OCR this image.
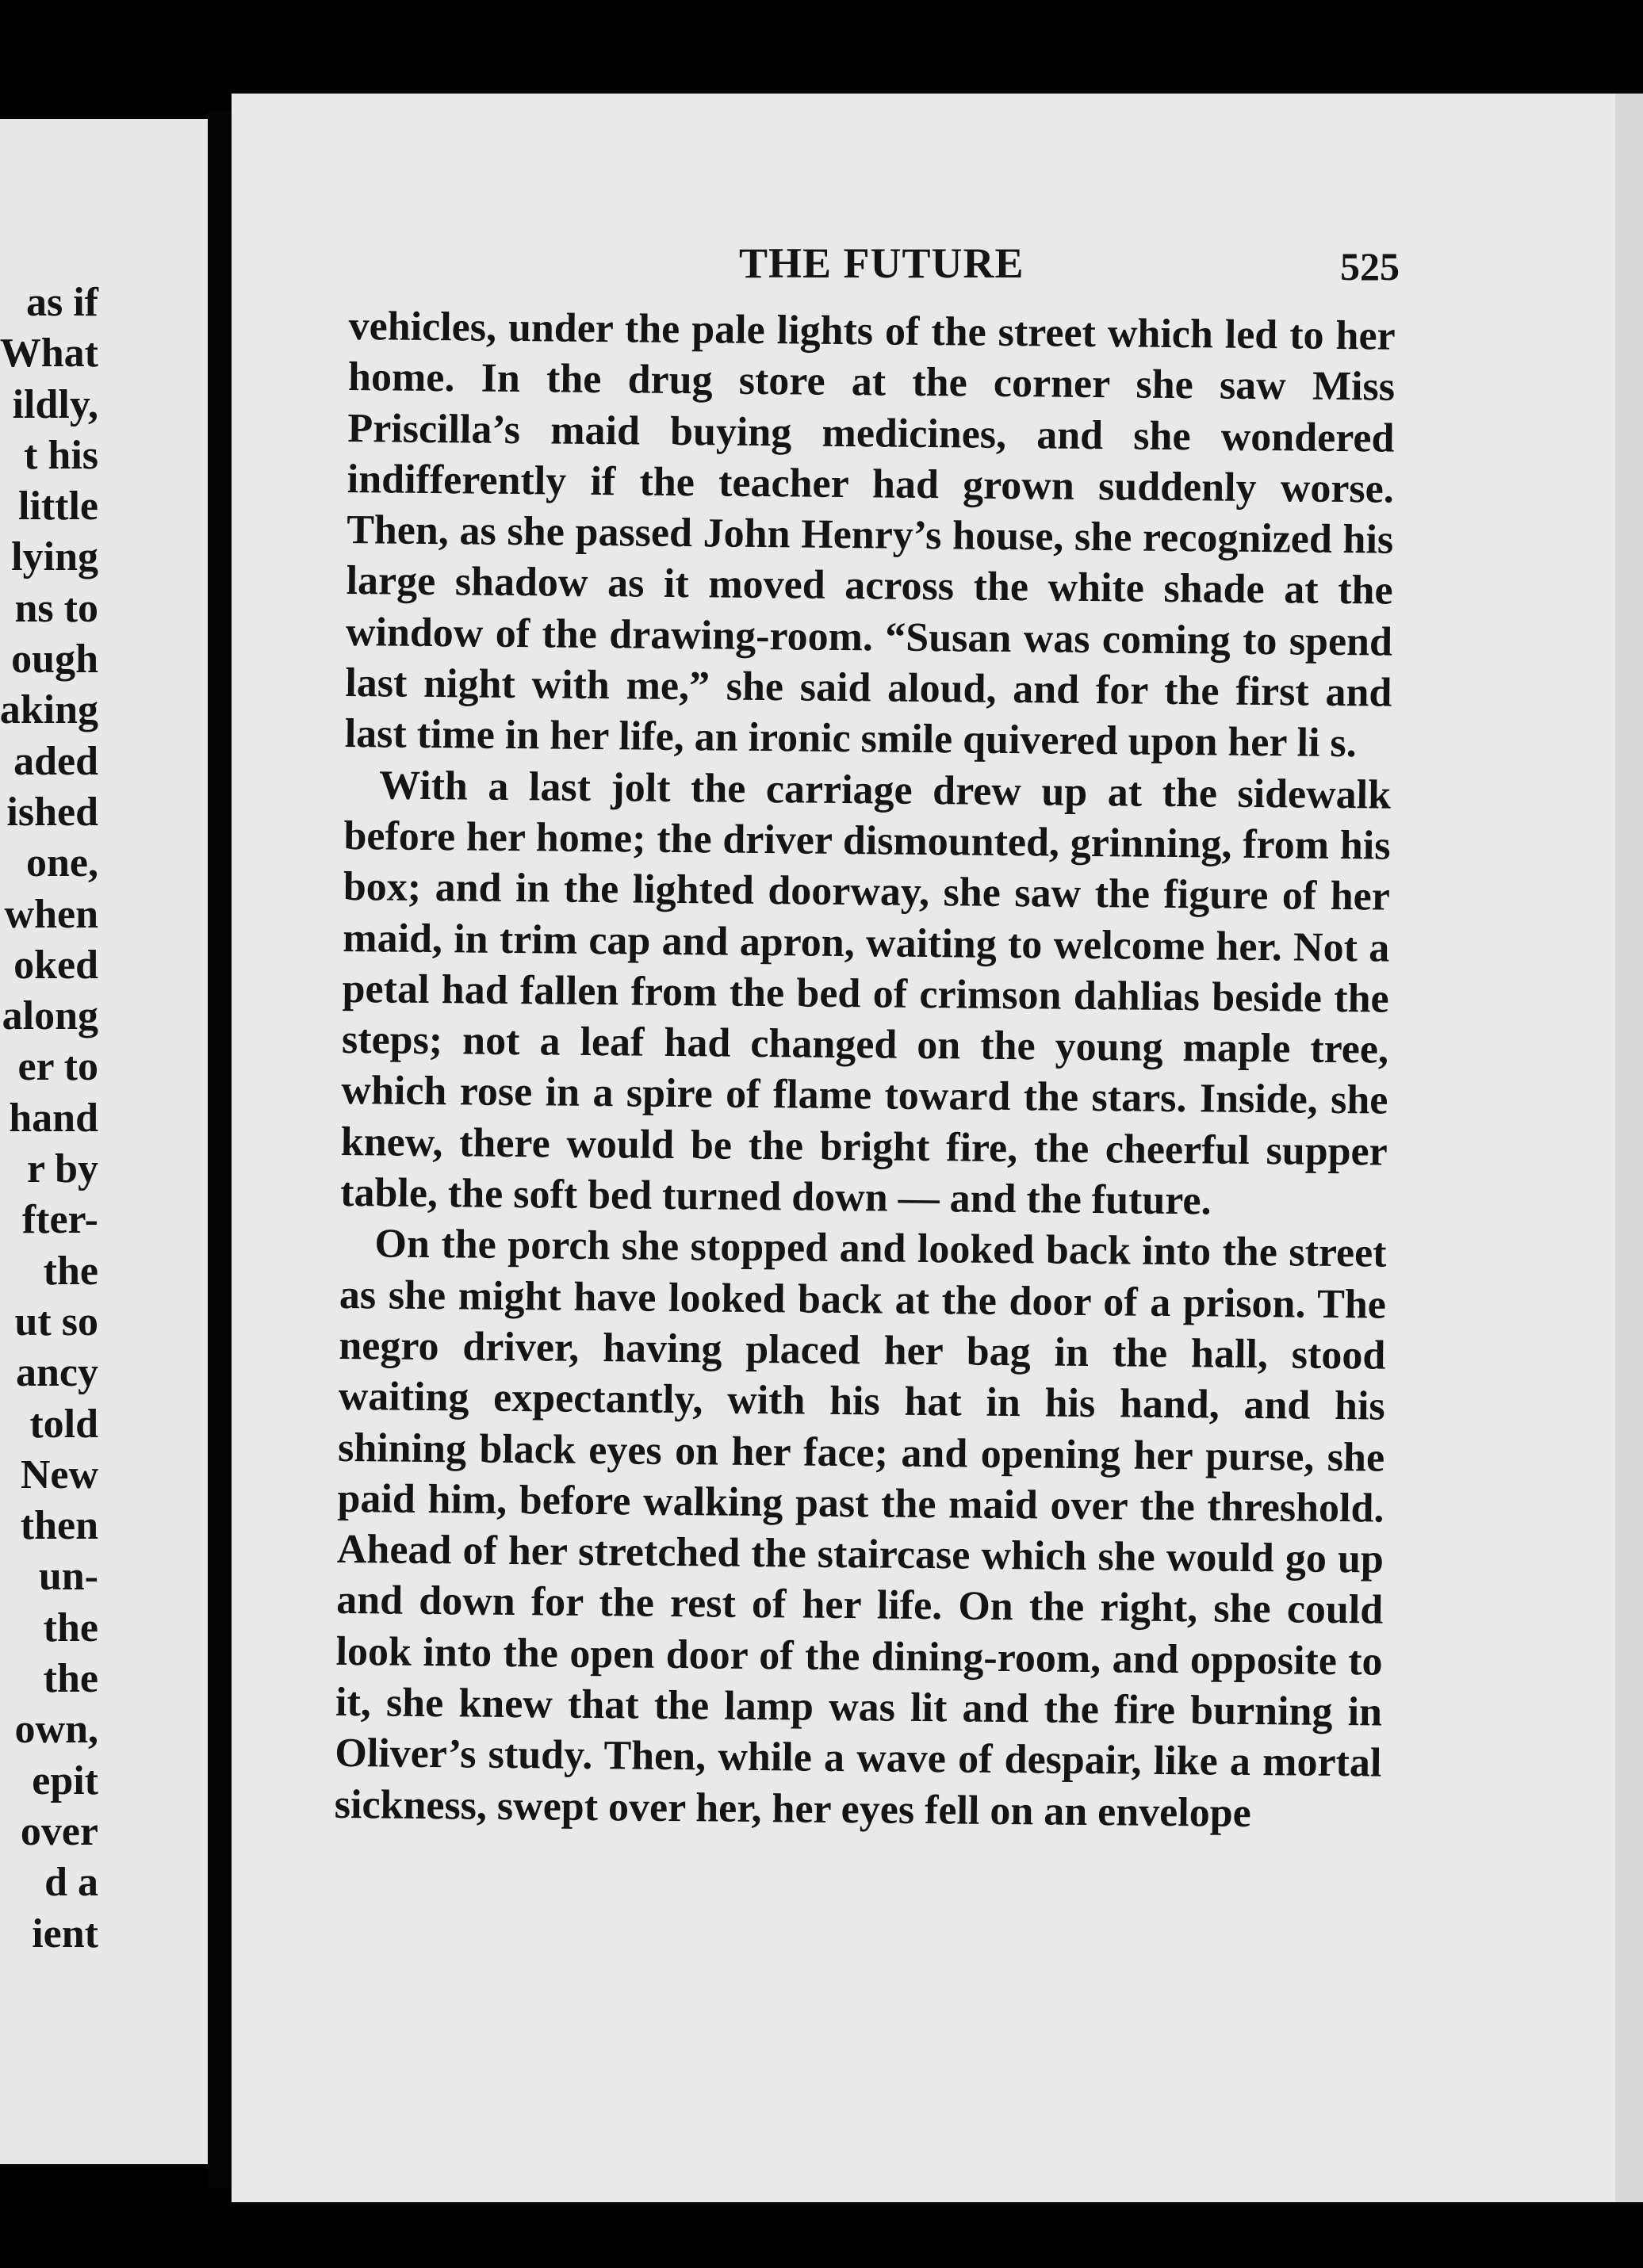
as if
What
ildly,
t his
little
lying
ns to
ough
aking
aded
ished
one,
when
oked
along
er to
hand
r by
fter-
the
ut so
ancy
told
New
then
un-
the
the
own,
epit
over
d a
ient
THE FUTURE	525

vehicles, under the pale lights of the street which led to her home. In the drug store at the corner she saw Miss Priscilla’s maid buying medicines, and she wondered indifferently if the teacher had grown suddenly worse. Then, as she passed John Henry’s house, she recognized his large shadow as it moved across the white shade at the window of the drawing-room. “Susan was coming to spend last night with me,” she said aloud, and for the first and last time in her life, an ironic smile quivered upon her li s.

With a last jolt the carriage drew up at the sidewalk before her home; the driver dismounted, grinning, from his box; and in the lighted doorway, she saw the figure of her maid, in trim cap and apron, waiting to welcome her. Not a petal had fallen from the bed of crimson dahlias beside the steps; not a leaf had changed on the young maple tree, which rose in a spire of flame toward the stars. Inside, she knew, there would be the bright fire, the cheerful supper table, the soft bed turned down — and the future.

On the porch she stopped and looked back into the street as she might have looked back at the door of a prison. The negro driver, having placed her bag in the hall, stood waiting expectantly, with his hat in his hand, and his shining black eyes on her face; and opening her purse, she paid him, before walking past the maid over the threshold. Ahead of her stretched the staircase which she would go up and down for the rest of her life. On the right, she could look into the open door of the dining-room, and opposite to it, she knew that the lamp was lit and the fire burning in Oliver’s study. Then, while a wave of despair, like a mortal sickness, swept over her, her eyes fell on an envelope
